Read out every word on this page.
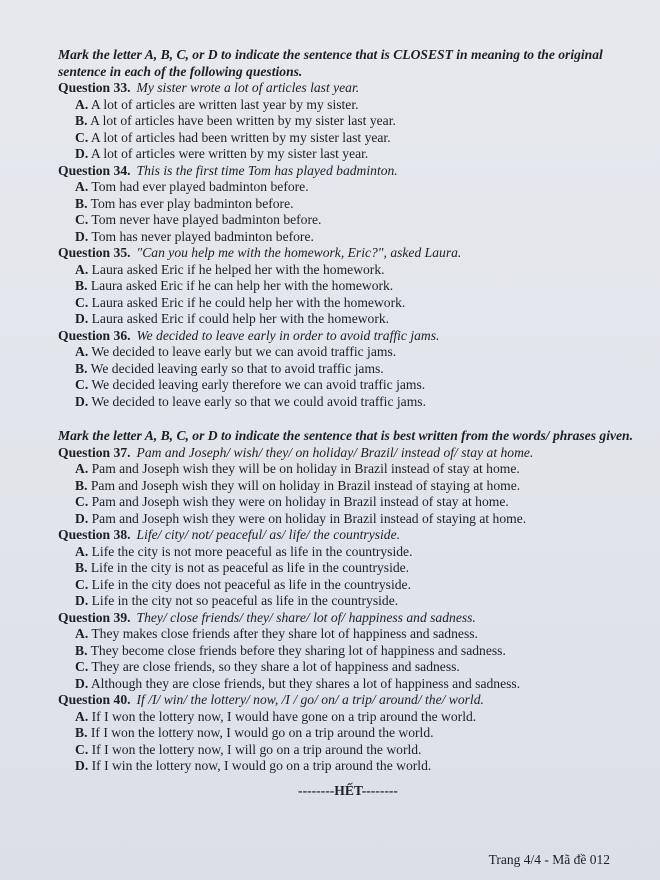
Mark the letter A, B, C, or D to indicate the sentence that is CLOSEST in meaning to the original
sentence in each of the following questions.

Question 33. My sister wrote a lot of articles last year.

A. A lot of articles are written last year by my sister.

B. A lot of articles have been written by my sister last year.

C. A lot of articles had been written by my sister last year.

D. A lot of articles were written by my sister last year.

Question 34. This is the first time Tom has played badminton.

A. Tom had ever played badminton before.

B. Tom has ever play badminton before.

C. Tom never have played badminton before.

D. Tom has never played badminton before.

Question 35. "Can you help me with the homework, Eric?", asked Laura.

A. Laura asked Eric if he helped her with the homework.

B. Laura asked Eric if he can help her with the homework.

C. Laura asked Eric if he could help her with the homework.

D. Laura asked Eric if could help her with the homework.

Question 36. We decided to leave early in order to avoid traffic jams.

A. We decided to leave early but we can avoid traffic jams.

B. We decided leaving early so that to avoid traffic jams.

C. We decided leaving early therefore we can avoid traffic jams.

D. We decided to leave early so that we could avoid traffic jams.

Mark the letter A, B, C, or D to indicate the sentence that is best written from the words/ phrases given.

Question 37. Pam and Joseph/ wish/ they/ on holiday/ Brazil/ instead of/ stay at home.

A. Pam and Joseph wish they will be on holiday in Brazil instead of stay at home.

B. Pam and Joseph wish they will on holiday in Brazil instead of staying at home.

C. Pam and Joseph wish they were on holiday in Brazil instead of stay at home.

D. Pam and Joseph wish they were on holiday in Brazil instead of staying at home.

Question 38. Life/ city/ not/ peaceful/ as/ life/ the countryside.

A. Life the city is not more peaceful as life in the countryside.

B. Life in the city is not as peaceful as life in the countryside.

C. Life in the city does not peaceful as life in the countryside.

D. Life in the city not so peaceful as life in the countryside.

Question 39. They/ close friends/ they/ share/ lot of/ happiness and sadness.

A. They makes close friends after they share lot of happiness and sadness.

B. They become close friends before they sharing lot of happiness and sadness.

C. They are close friends, so they share a lot of happiness and sadness.

D. Although they are close friends, but they shares a lot of happiness and sadness.

Question 40. If /I/ win/ the lottery/ now, /I / go/ on/ a trip/ around/ the/ world.

A. If I won the lottery now, I would have gone on a trip around the world.

B. If I won the lottery now, I would go on a trip around the world.

C. If I won the lottery now, I will go on a trip around the world.

D. If I win the lottery now, I would go on a trip around the world.

--------HẾT--------
Trang 4/4 - Mã đề 012
